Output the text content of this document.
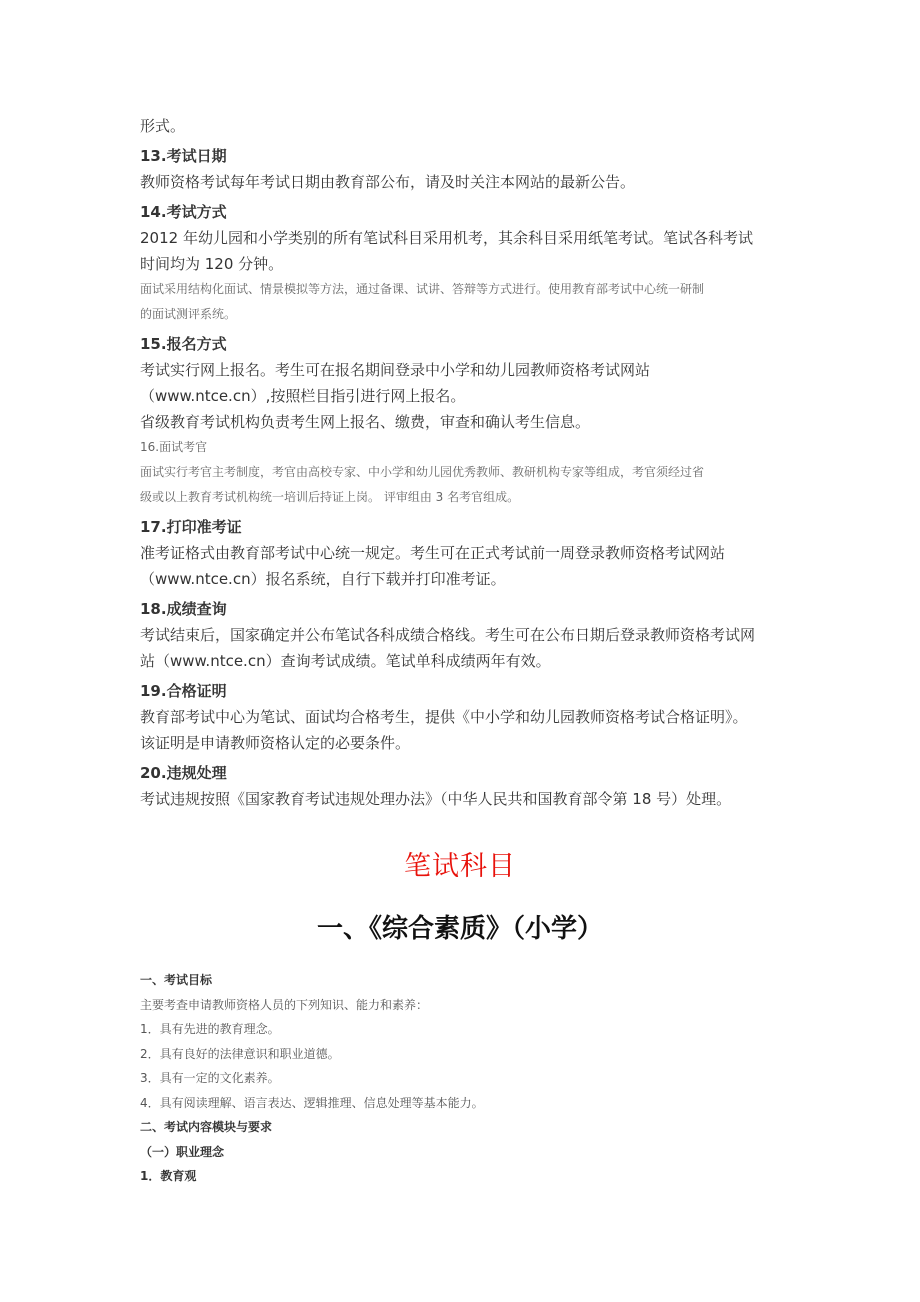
形式。

13.考试日期

教师资格考试每年考试日期由教育部公布，请及时关注本网站的最新公告。

14.考试方式

2012 年幼儿园和小学类别的所有笔试科目采用机考，其余科目采用纸笔考试。笔试各科考试

时间均为 120 分钟。

面试采用结构化面试、情景模拟等方法，通过备课、试讲、答辩等方式进行。使用教育部考试中心统一研制

的面试测评系统。

15.报名方式

考试实行网上报名。考生可在报名期间登录中小学和幼儿园教师资格考试网站

（www.ntce.cn）,按照栏目指引进行网上报名。

省级教育考试机构负责考生网上报名、缴费，审查和确认考生信息。

16.面试考官

面试实行考官主考制度，考官由高校专家、中小学和幼儿园优秀教师、教研机构专家等组成，考官须经过省

级或以上教育考试机构统一培训后持证上岗。 评审组由 3 名考官组成。

17.打印准考证

准考证格式由教育部考试中心统一规定。考生可在正式考试前一周登录教师资格考试网站

（www.ntce.cn）报名系统，自行下载并打印准考证。

18.成绩查询

考试结束后，国家确定并公布笔试各科成绩合格线。考生可在公布日期后登录教师资格考试网

站（www.ntce.cn）查询考试成绩。笔试单科成绩两年有效。

19.合格证明

教育部考试中心为笔试、面试均合格考生，提供《中小学和幼儿园教师资格考试合格证明》。

该证明是申请教师资格认定的必要条件。

20.违规处理

考试违规按照《国家教育考试违规处理办法》（中华人民共和国教育部令第 18 号）处理。

笔试科目
一、《综合素质》（小学）

一、考试目标

主要考查申请教师资格人员的下列知识、能力和素养：

1．具有先进的教育理念。

2．具有良好的法律意识和职业道德。

3．具有一定的文化素养。

4．具有阅读理解、语言表达、逻辑推理、信息处理等基本能力。

二、考试内容模块与要求

（一）职业理念

1．教育观
